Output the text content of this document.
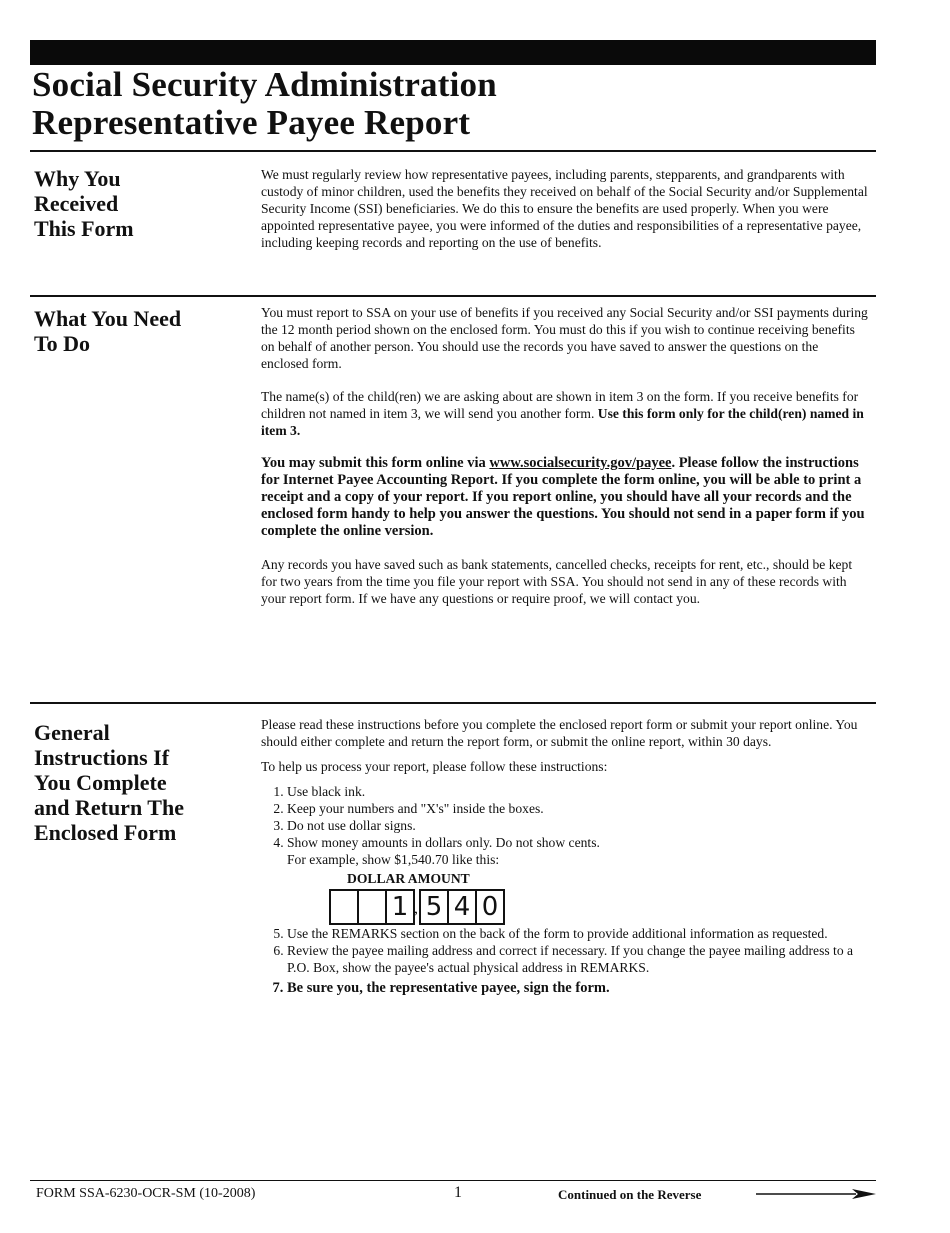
Social Security Administration
Representative Payee Report
Why You
Received
This Form

We must regularly review how representative payees, including parents, stepparents, and grandparents with custody of minor children, used the benefits they received on behalf of the Social Security and/or Supplemental Security Income (SSI) beneficiaries. We do this to ensure the benefits are used properly. When you were appointed representative payee, you were informed of the duties and responsibilities of a representative payee, including keeping records and reporting on the use of benefits.

What You Need
To Do

You must report to SSA on your use of benefits if you received any Social Security and/or SSI payments during the 12 month period shown on the enclosed form. You must do this if you wish to continue receiving benefits on behalf of another person. You should use the records you have saved to answer the questions on the enclosed form.

The name(s) of the child(ren) we are asking about are shown in item 3 on the form. If you receive benefits for children not named in item 3, we will send you another form. Use this form only for the child(ren) named in item 3.

You may submit this form online via www.socialsecurity.gov/payee. Please follow the instructions for Internet Payee Accounting Report. If you complete the form online, you will be able to print a receipt and a copy of your report. If you report online, you should have all your records and the enclosed form handy to help you answer the questions. You should not send in a paper form if you complete the online version.

Any records you have saved such as bank statements, cancelled checks, receipts for rent, etc., should be kept for two years from the time you file your report with SSA. You should not send in any of these records with your report form. If we have any questions or require proof, we will contact you.

General
Instructions If
You Complete
and Return The
Enclosed Form

Please read these instructions before you complete the enclosed report form or submit your report online. You should either complete and return the report form, or submit the online report, within 30 days.

To help us process your report, please follow these instructions:

1. Use black ink.
2. Keep your numbers and "X's" inside the boxes.
3. Do not use dollar signs.
4. Show money amounts in dollars only. Do not show cents.
For example, show $1,540.70 like this:
DOLLAR AMOUNT
1 , 5 4 0
5. Use the REMARKS section on the back of the form to provide additional information as requested.
6. Review the payee mailing address and correct if necessary. If you change the payee mailing address to a P.O. Box, show the payee's actual physical address in REMARKS.
7. Be sure you, the representative payee, sign the form.
FORM SSA-6230-OCR-SM (10-2008)	1	Continued on the Reverse
